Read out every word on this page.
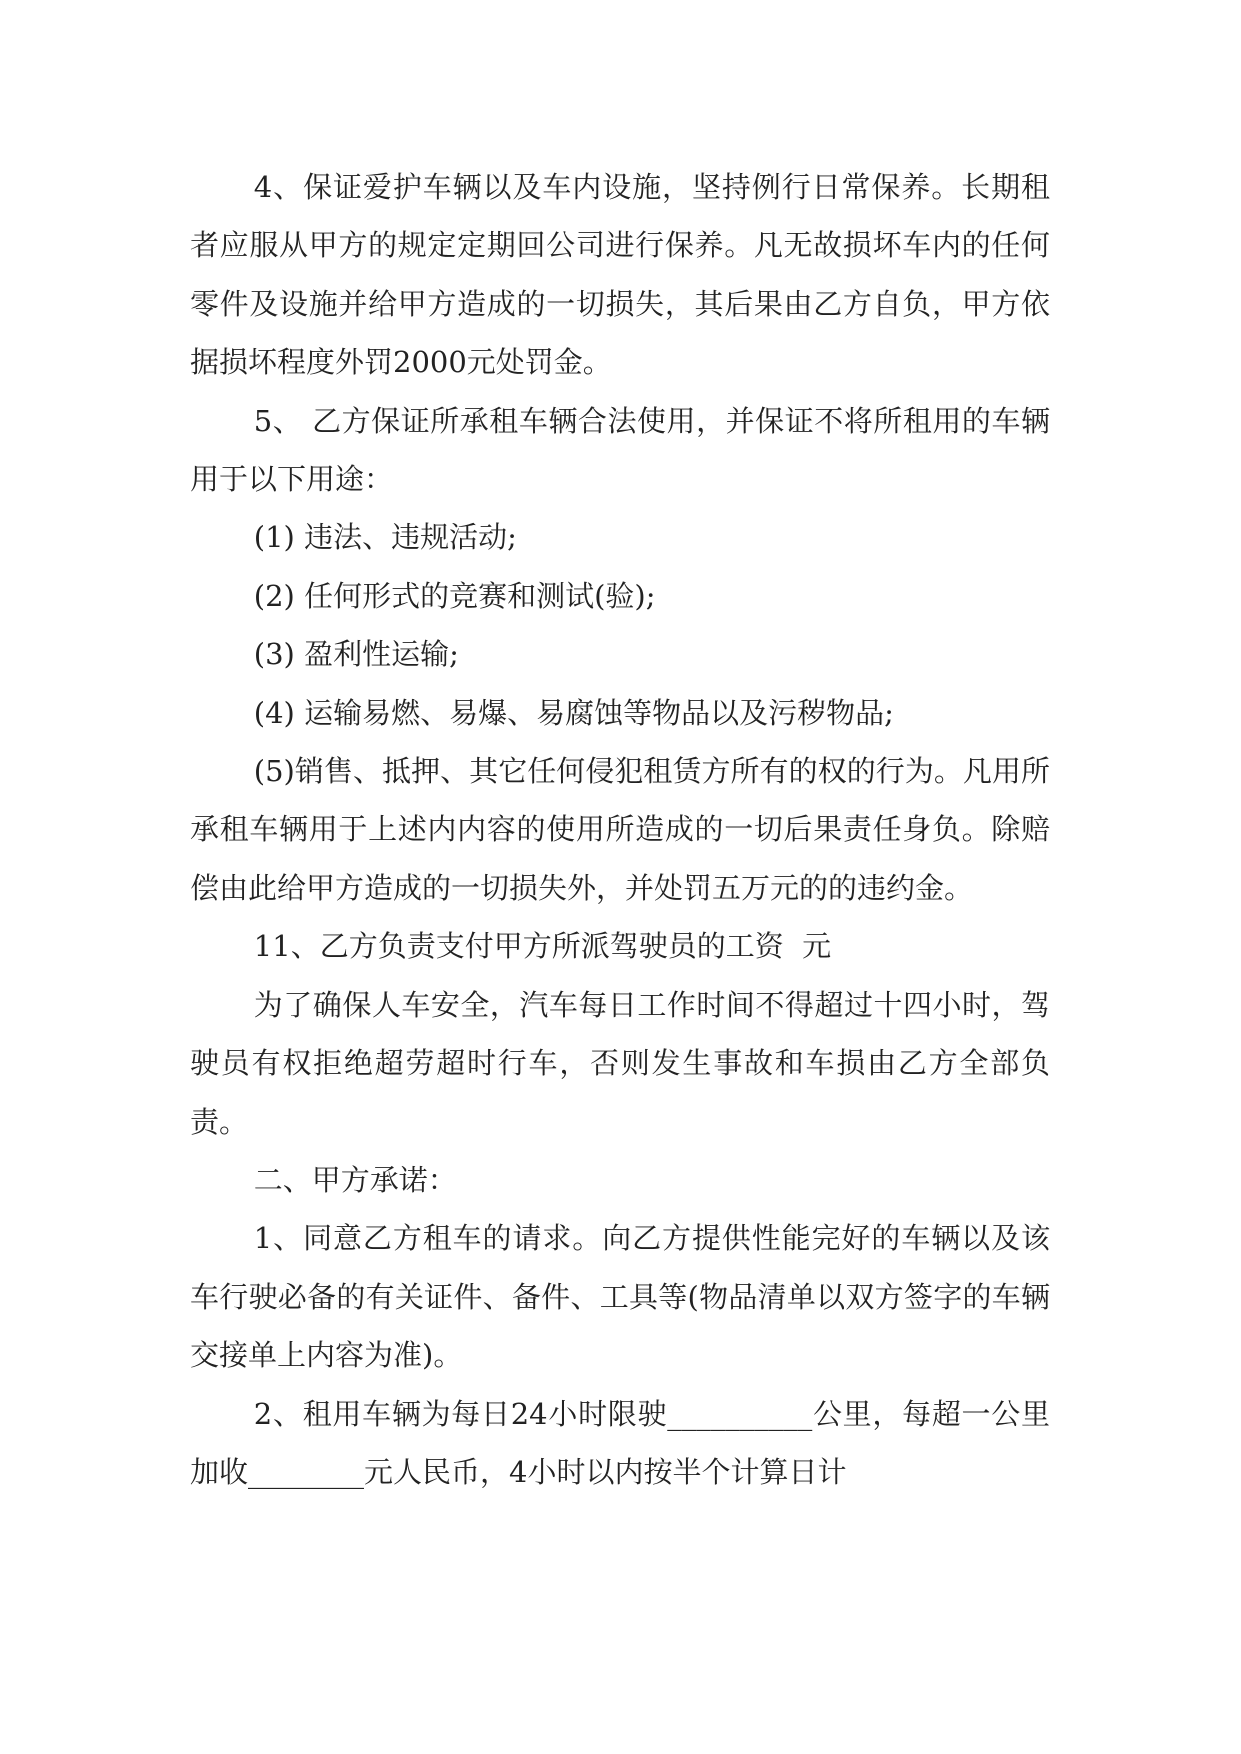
4、保证爱护车辆以及车内设施，坚持例行日常保养。长期租者应服从甲方的规定定期回公司进行保养。凡无故损坏车内的任何零件及设施并给甲方造成的一切损失，其后果由乙方自负，甲方依据损坏程度外罚2000元处罚金。

5、 乙方保证所承租车辆合法使用，并保证不将所租用的车辆用于以下用途：

(1) 违法、违规活动;

(2) 任何形式的竞赛和测试(验);

(3) 盈利性运输;

(4) 运输易燃、易爆、易腐蚀等物品以及污秽物品;

(5)销售、抵押、其它任何侵犯租赁方所有的权的行为。凡用所承租车辆用于上述内内容的使用所造成的一切后果责任身负。除赔偿由此给甲方造成的一切损失外，并处罚五万元的的违约金。

11、乙方负责支付甲方所派驾驶员的工资  元

为了确保人车安全，汽车每日工作时间不得超过十四小时，驾驶员有权拒绝超劳超时行车，否则发生事故和车损由乙方全部负责。

二、甲方承诺：

1、同意乙方租车的请求。向乙方提供性能完好的车辆以及该车行驶必备的有关证件、备件、工具等(物品清单以双方签字的车辆交接单上内容为准)。

2、租用车辆为每日24小时限驶__________公里，每超一公里加收________元人民币，4小时以内按半个计算日计
